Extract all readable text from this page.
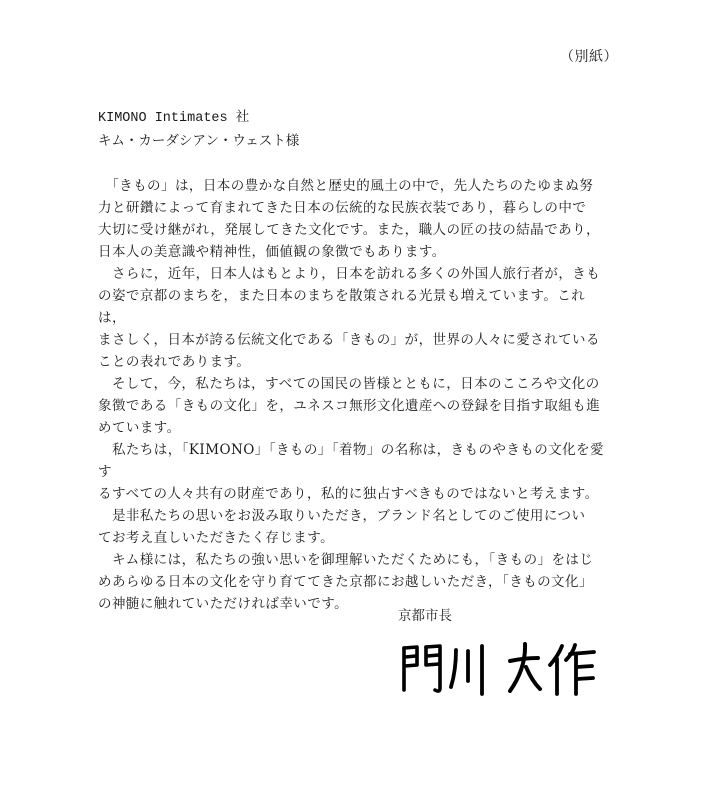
（別紙）
KIMONO Intimates 社
キム・カーダシアン・ウェスト様

　「きもの」は，日本の豊かな自然と歴史的風土の中で，先人たちのたゆまぬ努

力と研鑽によって育まれてきた日本の伝統的な民族衣装であり，暮らしの中で

大切に受け継がれ，発展してきた文化です。また，職人の匠の技の結晶であり，

日本人の美意識や精神性，価値観の象徴でもあります。

　さらに，近年，日本人はもとより，日本を訪れる多くの外国人旅行者が，きも

の姿で京都のまちを，また日本のまちを散策される光景も増えています。これは，

まさしく，日本が誇る伝統文化である「きもの」が，世界の人々に愛されている

ことの表れであります。

　そして，今，私たちは，すべての国民の皆様とともに，日本のこころや文化の

象徴である「きもの文化」を，ユネスコ無形文化遺産への登録を目指す取組も進

めています。

　私たちは，「KIMONO」「きもの」「着物」の名称は，きものやきもの文化を愛す

るすべての人々共有の財産であり，私的に独占すべきものではないと考えます。

　是非私たちの思いをお汲み取りいただき，ブランド名としてのご使用につい

てお考え直しいただきたく存じます。

　キム様には，私たちの強い思いを御理解いただくためにも，「きもの」をはじ

めあらゆる日本の文化を守り育ててきた京都にお越しいただき，「きもの文化」

の神髄に触れていただければ幸いです。

京都市長
